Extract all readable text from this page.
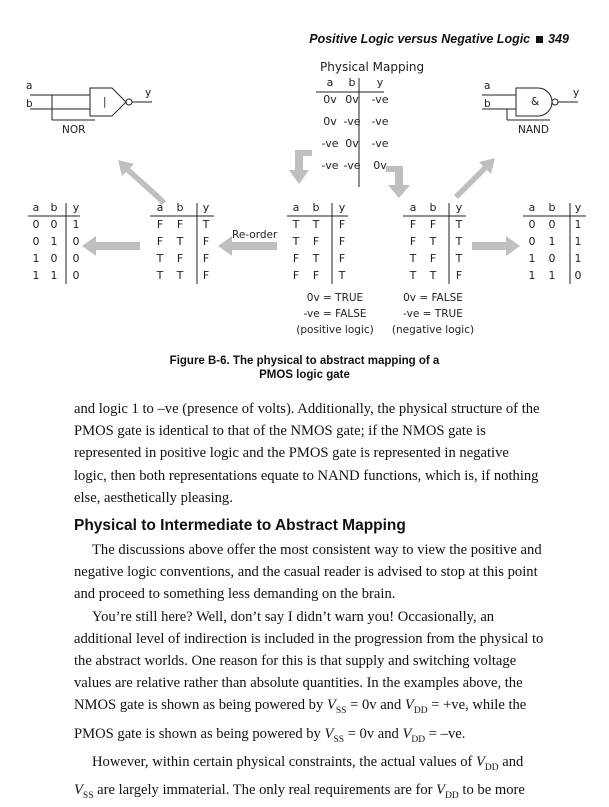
Positive Logic versus Negative Logic 349
a
b	|
y
NOR
a
b	&
y
NAND
Physical Mapping
a	b	y
0v 0v	-ve
0v -ve	-ve
-ve 0v	-ve
-ve -ve	0v
a	b	y
0	0	1
0	1	0
1	0	0
1	1	0
a	b	y
F	F	T
F	T	F
T	F	F
T	T	F
a	b	y
T	T	F
T	F	F
F	T	F
F	F	T
a	b	y
F	F	T
F	T	T
T	F	T
T	T	F
a	b	y
0	0	1
0	1	1
1	0	1
1	1	0
Re-order
0v = TRUE
-ve = FALSE
(positive logic)
0v = FALSE
-ve = TRUE
(negative logic)
Figure B-6. The physical to abstract mapping of a
PMOS logic gate

and logic 1 to –ve (presence of volts). Additionally, the physical structure of the PMOS gate is identical to that of the NMOS gate; if the NMOS gate is represented in positive logic and the PMOS gate is represented in negative logic, then both representations equate to NAND functions, which is, if nothing else, aesthetically pleasing.

Physical to Intermediate to Abstract Mapping

The discussions above offer the most consistent way to view the positive and negative logic conventions, and the casual reader is advised to stop at this point and proceed to something less demanding on the brain.

You’re still here? Well, don’t say I didn’t warn you! Occasionally, an additional level of indirection is included in the progression from the physical to the abstract worlds. One reason for this is that supply and switching voltage values are relative rather than absolute quantities. In the examples above, the NMOS gate is shown as being powered by $V_{SS} = 0v$ and $V_{DD} = +ve$, while the PMOS gate is shown as being powered by $V_{SS} = 0v$ and $V_{DD} = -ve$.

However, within certain physical constraints, the actual values of $V_{DD}$ and $V_{SS}$ are largely immaterial. The only real requirements are for $V_{DD}$ to be more
